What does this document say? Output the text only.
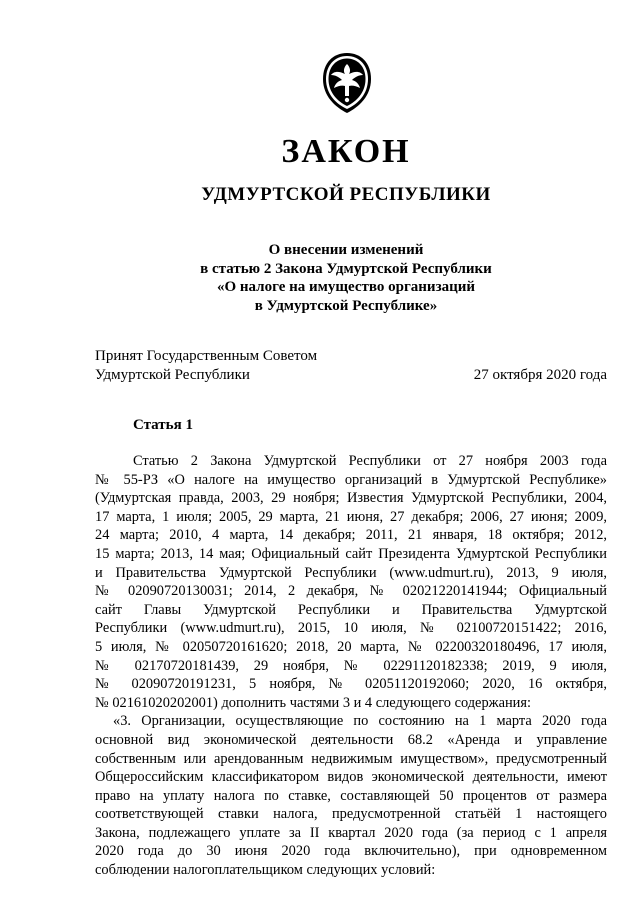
ЗАКОН
УДМУРТСКОЙ РЕСПУБЛИКИ
О внесении изменений
в статью 2 Закона Удмуртской Республики
«О налоге на имущество организаций
в Удмуртской Республике»
Принят Государственным Советом
Удмуртской Республики	27 октября 2020 года
Статья 1
Статью 2 Закона Удмуртской Республики от 27 ноября 2003 года
№ 55-РЗ «О налоге на имущество организаций в Удмуртской Республике»
(Удмуртская правда, 2003, 29 ноября; Известия Удмуртской Республики, 2004,
17 марта, 1 июля; 2005, 29 марта, 21 июня, 27 декабря; 2006, 27 июня; 2009,
24 марта; 2010, 4 марта, 14 декабря; 2011, 21 января, 18 октября; 2012,
15 марта; 2013, 14 мая; Официальный сайт Президента Удмуртской Республики
и Правительства Удмуртской Республики (www.udmurt.ru), 2013, 9 июля,
№ 02090720130031; 2014, 2 декабря, № 02021220141944; Официальный
сайт Главы Удмуртской Республики и Правительства Удмуртской
Республики (www.udmurt.ru), 2015, 10 июля, № 02100720151422; 2016,
5 июля, № 02050720161620; 2018, 20 марта, № 02200320180496, 17 июля,
№ 02170720181439, 29 ноября, № 02291120182338; 2019, 9 июля,
№ 02090720191231, 5 ноября, № 02051120192060; 2020, 16 октября,
№ 02161020202001) дополнить частями 3 и 4 следующего содержания:
«3. Организации, осуществляющие по состоянию на 1 марта 2020 года
основной вид экономической деятельности 68.2 «Аренда и управление
собственным или арендованным недвижимым имуществом», предусмотренный
Общероссийским классификатором видов экономической деятельности, имеют
право на уплату налога по ставке, составляющей 50 процентов от размера
соответствующей ставки налога, предусмотренной статьёй 1 настоящего
Закона, подлежащего уплате за II квартал 2020 года (за период с 1 апреля
2020 года до 30 июня 2020 года включительно), при одновременном
соблюдении налогоплательщиком следующих условий:
